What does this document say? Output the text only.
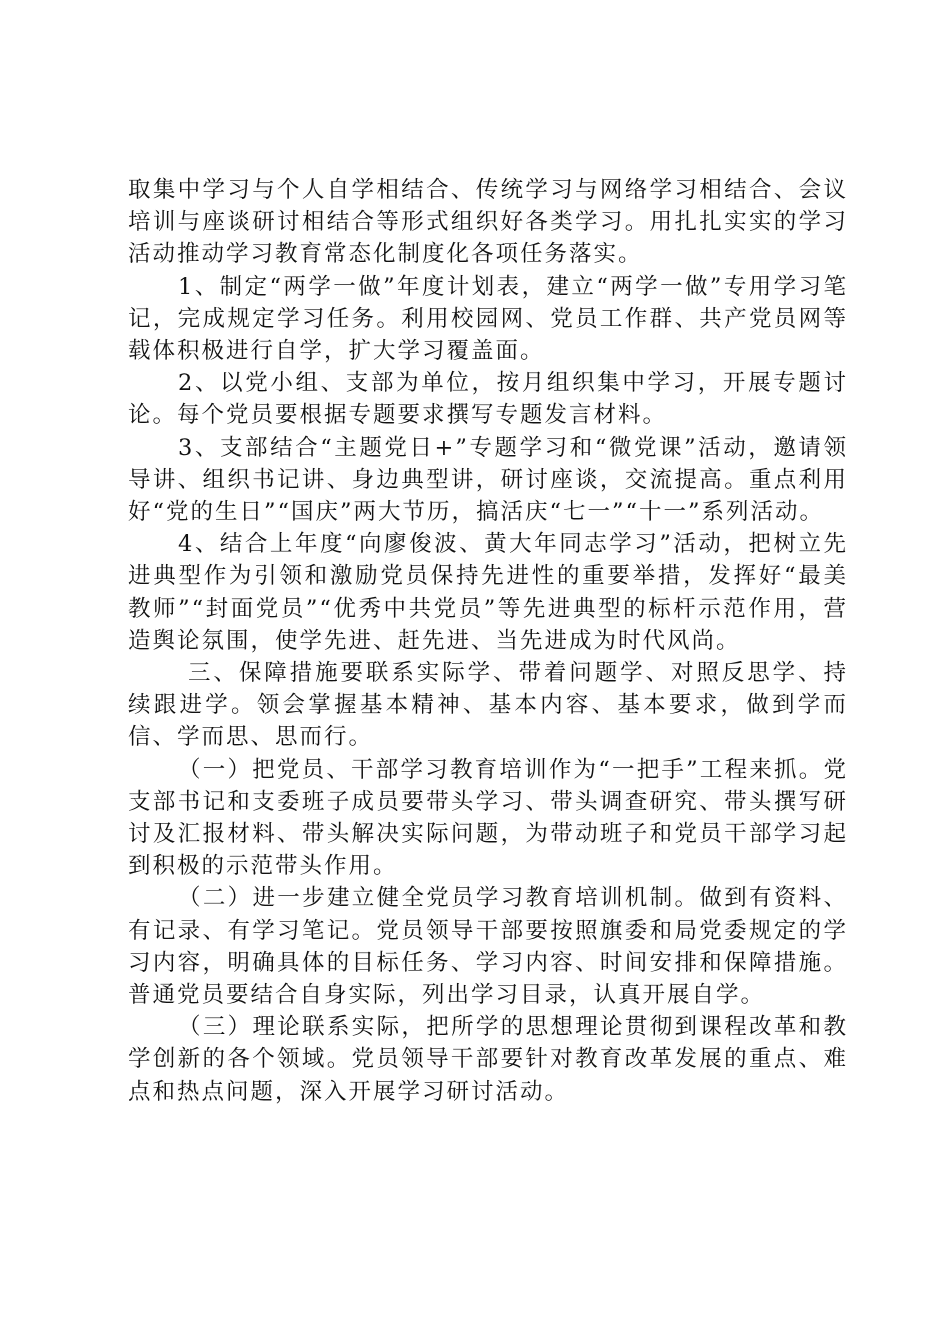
取集中学习与个人自学相结合、传统学习与网络学习相结合、会议培训与座谈研讨相结合等形式组织好各类学习。用扎扎实实的学习活动推动学习教育常态化制度化各项任务落实。

1、制定“两学一做”年度计划表，建立“两学一做”专用学习笔记，完成规定学习任务。利用校园网、党员工作群、共产党员网等载体积极进行自学，扩大学习覆盖面。

2、以党小组、支部为单位，按月组织集中学习，开展专题讨论。每个党员要根据专题要求撰写专题发言材料。

3、支部结合“主题党日+”专题学习和“微党课”活动，邀请领导讲、组织书记讲、身边典型讲，研讨座谈，交流提高。重点利用好“党的生日”“国庆”两大节历，搞活庆“七一”“十一”系列活动。

4、结合上年度“向廖俊波、黄大年同志学习”活动，把树立先进典型作为引领和激励党员保持先进性的重要举措，发挥好“最美教师”“封面党员”“优秀中共党员”等先进典型的标杆示范作用，营造舆论氛围，使学先进、赶先进、当先进成为时代风尚。

三、保障措施要联系实际学、带着问题学、对照反思学、持续跟进学。领会掌握基本精神、基本内容、基本要求，做到学而信、学而思、思而行。

（一）把党员、干部学习教育培训作为“一把手”工程来抓。党支部书记和支委班子成员要带头学习、带头调查研究、带头撰写研讨及汇报材料、带头解决实际问题，为带动班子和党员干部学习起到积极的示范带头作用。

（二）进一步建立健全党员学习教育培训机制。做到有资料、有记录、有学习笔记。党员领导干部要按照旗委和局党委规定的学习内容，明确具体的目标任务、学习内容、时间安排和保障措施。普通党员要结合自身实际，列出学习目录，认真开展自学。

（三）理论联系实际，把所学的思想理论贯彻到课程改革和教学创新的各个领域。党员领导干部要针对教育改革发展的重点、难点和热点问题，深入开展学习研讨活动。
